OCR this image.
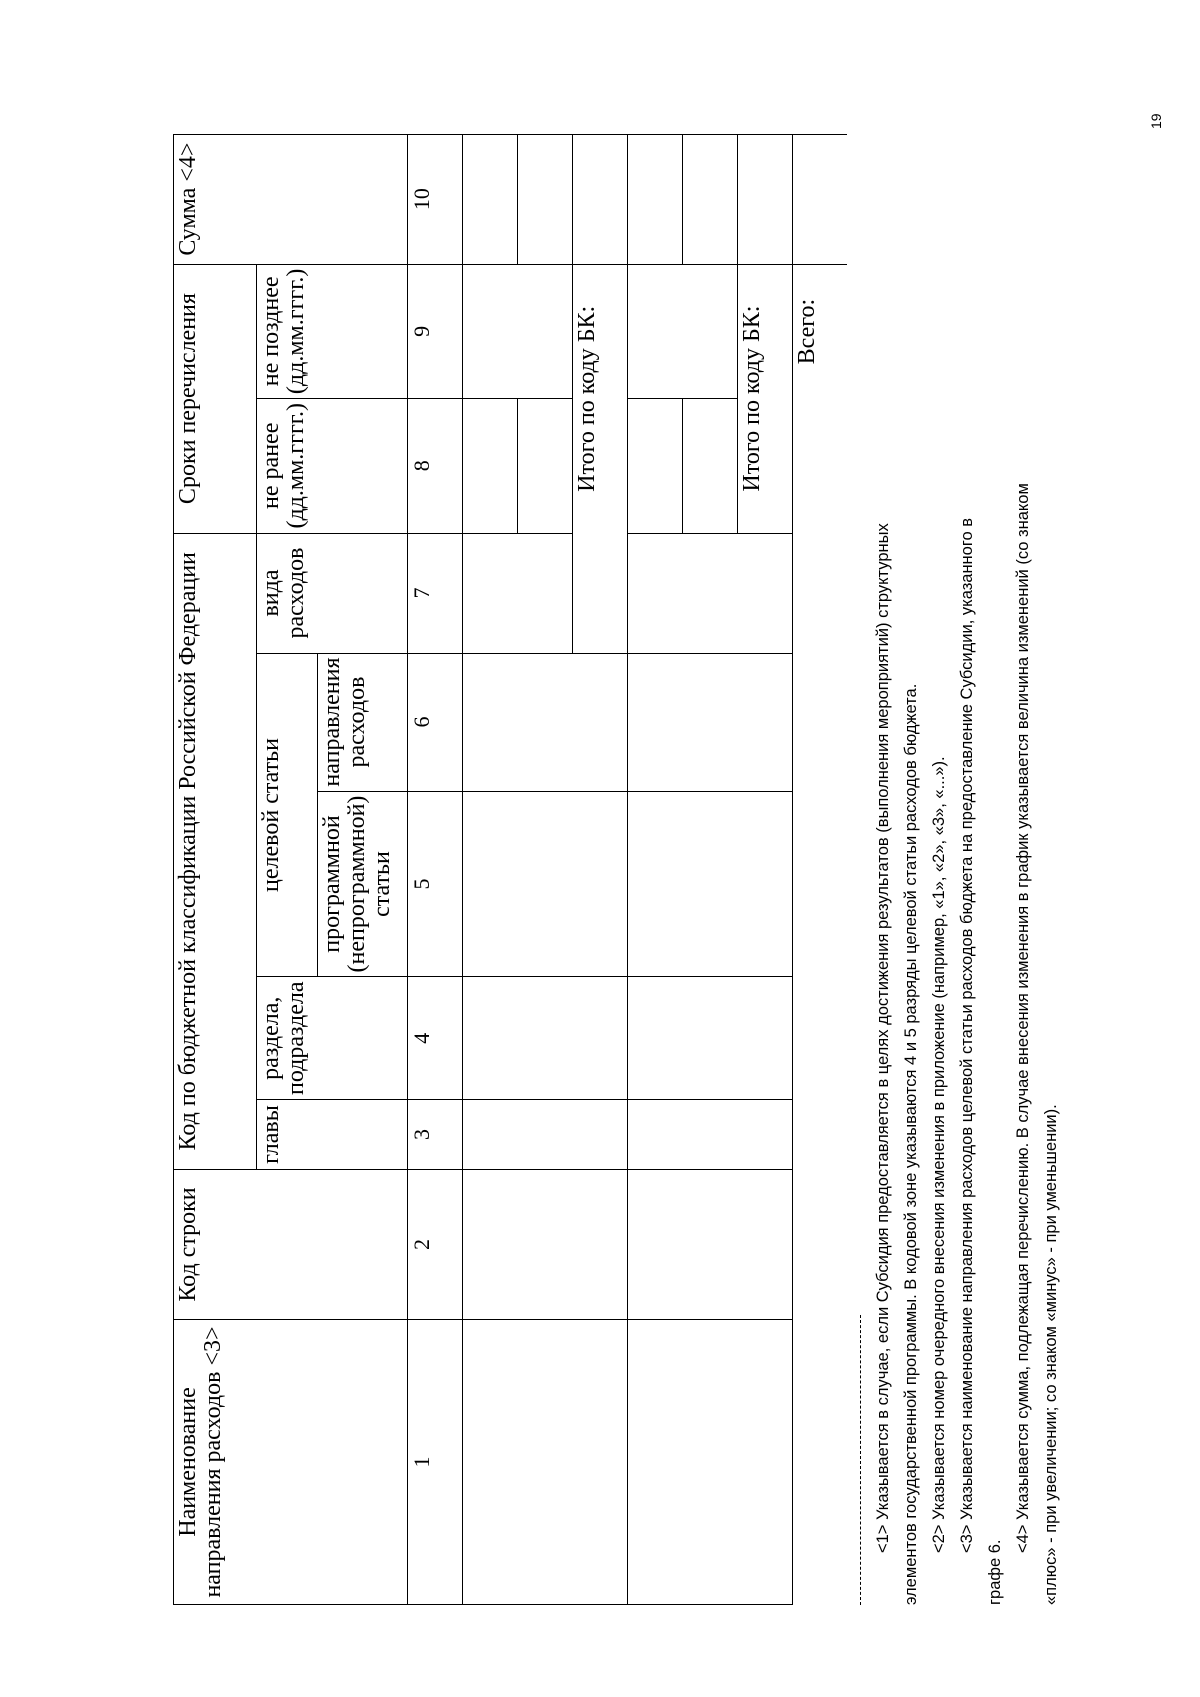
Наименование направления расходов <3>	Код строки	Код по бюджетной классификации Российской Федерации					Сроки перечисления		Сумма <4>
		главы	раздела, подраздела	целевой статьи		вида расходов	не ранее (дд.мм.гггг.)	не позднее (дд.мм.гггг.)	
				программной (непрограммной) статьи	направления расходов				
1	2	3	4	5	6	7	8	9	10

							Итого по коду БК:		

							Итого по коду БК:		
								Всего:	

<1> Указывается в случае, если Субсидия предоставляется в целях достижения результатов (выполнения мероприятий) структурных элементов государственной программы. В кодовой зоне указываются 4 и 5 разряды целевой статьи расходов бюджета. <2> Указывается номер очередного внесения изменения в приложение (например, «1», «2», «3», «...»). <3> Указывается наименование направления расходов целевой статьи расходов бюджета на предоставление Субсидии, указанного в

графе 6.

<4> Указывается сумма, подлежащая перечислению. В случае внесения изменения в график указывается величина изменений (со знаком «плюс» - при увеличении; со знаком «минус» - при уменьшении).

19
